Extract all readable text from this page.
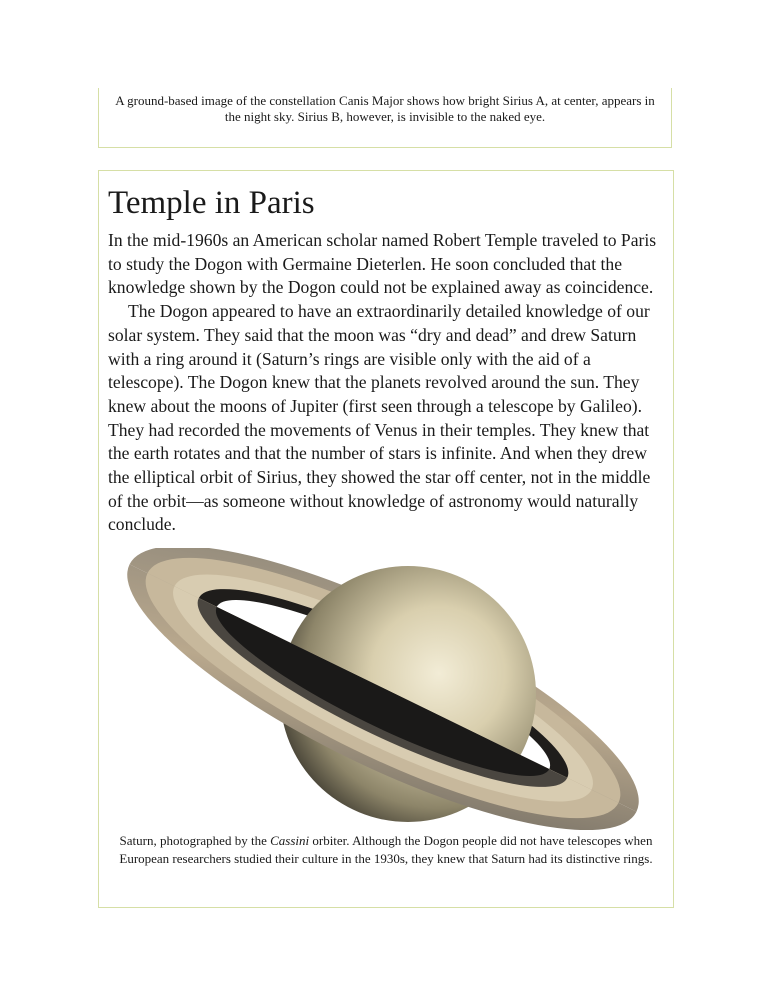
A ground-based image of the constellation Canis Major shows how bright Sirius A, at center, appears in the night sky. Sirius B, however, is invisible to the naked eye.

Temple in Paris

In the mid-1960s an American scholar named Robert Temple traveled to Paris to study the Dogon with Germaine Dieterlen. He soon concluded that the knowledge shown by the Dogon could not be explained away as coincidence.

The Dogon appeared to have an extraordinarily detailed knowledge of our solar system. They said that the moon was “dry and dead” and drew Saturn with a ring around it (Saturn’s rings are visible only with the aid of a telescope). The Dogon knew that the planets revolved around the sun. They knew about the moons of Jupiter (first seen through a telescope by Galileo). They had recorded the movements of Venus in their temples. They knew that the earth rotates and that the number of stars is infinite. And when they drew the elliptical orbit of Sirius, they showed the star off center, not in the middle of the orbit—as someone without knowledge of astronomy would naturally conclude.

Saturn, photographed by the Cassini orbiter. Although the Dogon people did not have telescopes when European researchers studied their culture in the 1930s, they knew that Saturn had its distinctive rings.
